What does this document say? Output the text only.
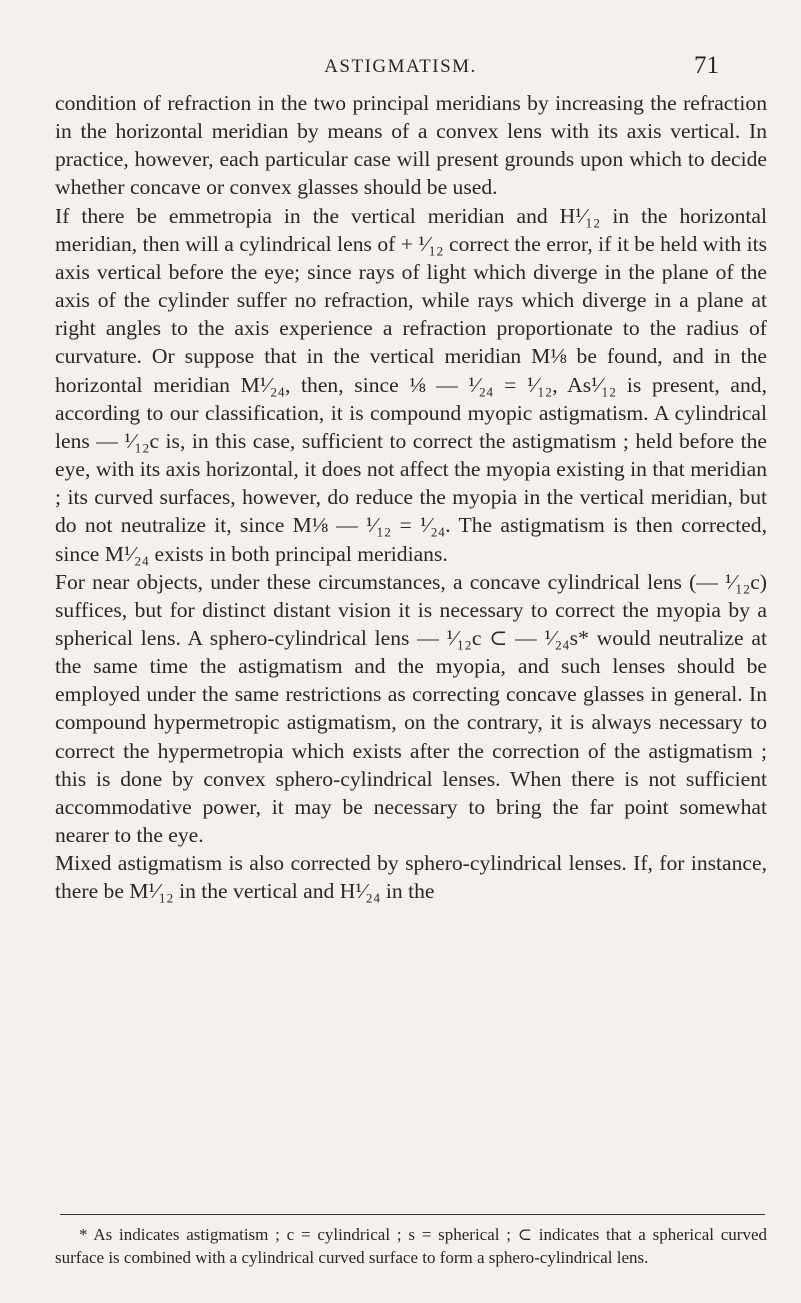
ASTIGMATISM.	71

condition of refraction in the two principal meridians by increasing the refraction in the horizontal meridian by means of a convex lens with its axis vertical. In practice, however, each particular case will present grounds upon which to decide whether concave or convex glasses should be used.

If there be emmetropia in the vertical meridian and H¹⁄₁₂ in the horizontal meridian, then will a cylindrical lens of + ¹⁄₁₂ correct the error, if it be held with its axis vertical before the eye; since rays of light which diverge in the plane of the axis of the cylinder suffer no refraction, while rays which diverge in a plane at right angles to the axis experience a refraction proportionate to the radius of curvature. Or suppose that in the vertical meridian M⅛ be found, and in the horizontal meridian M¹⁄₂₄, then, since ⅛ — ¹⁄₂₄ = ¹⁄₁₂, As¹⁄₁₂ is present, and, according to our classification, it is compound myopic astigmatism. A cylindrical lens — ¹⁄₁₂c is, in this case, sufficient to correct the astigmatism ; held before the eye, with its axis horizontal, it does not affect the myopia existing in that meridian ; its curved surfaces, however, do reduce the myopia in the vertical meridian, but do not neutralize it, since M⅛ — ¹⁄₁₂ = ¹⁄₂₄. The astigmatism is then corrected, since M¹⁄₂₄ exists in both principal meridians.

For near objects, under these circumstances, a concave cylindrical lens (— ¹⁄₁₂c) suffices, but for distinct distant vision it is necessary to correct the myopia by a spherical lens. A sphero-cylindrical lens — ¹⁄₁₂c ⊂ — ¹⁄₂₄s* would neutralize at the same time the astigmatism and the myopia, and such lenses should be employed under the same restrictions as correcting concave glasses in general. In compound hypermetropic astigmatism, on the contrary, it is always necessary to correct the hypermetropia which exists after the correction of the astigmatism ; this is done by convex sphero-cylindrical lenses. When there is not sufficient accommodative power, it may be necessary to bring the far point somewhat nearer to the eye.

Mixed astigmatism is also corrected by sphero-cylindrical lenses. If, for instance, there be M¹⁄₁₂ in the vertical and H¹⁄₂₄ in the

* As indicates astigmatism ; c = cylindrical ; s = spherical ; ⊂ indicates that a spherical curved surface is combined with a cylindrical curved surface to form a sphero-cylindrical lens.
